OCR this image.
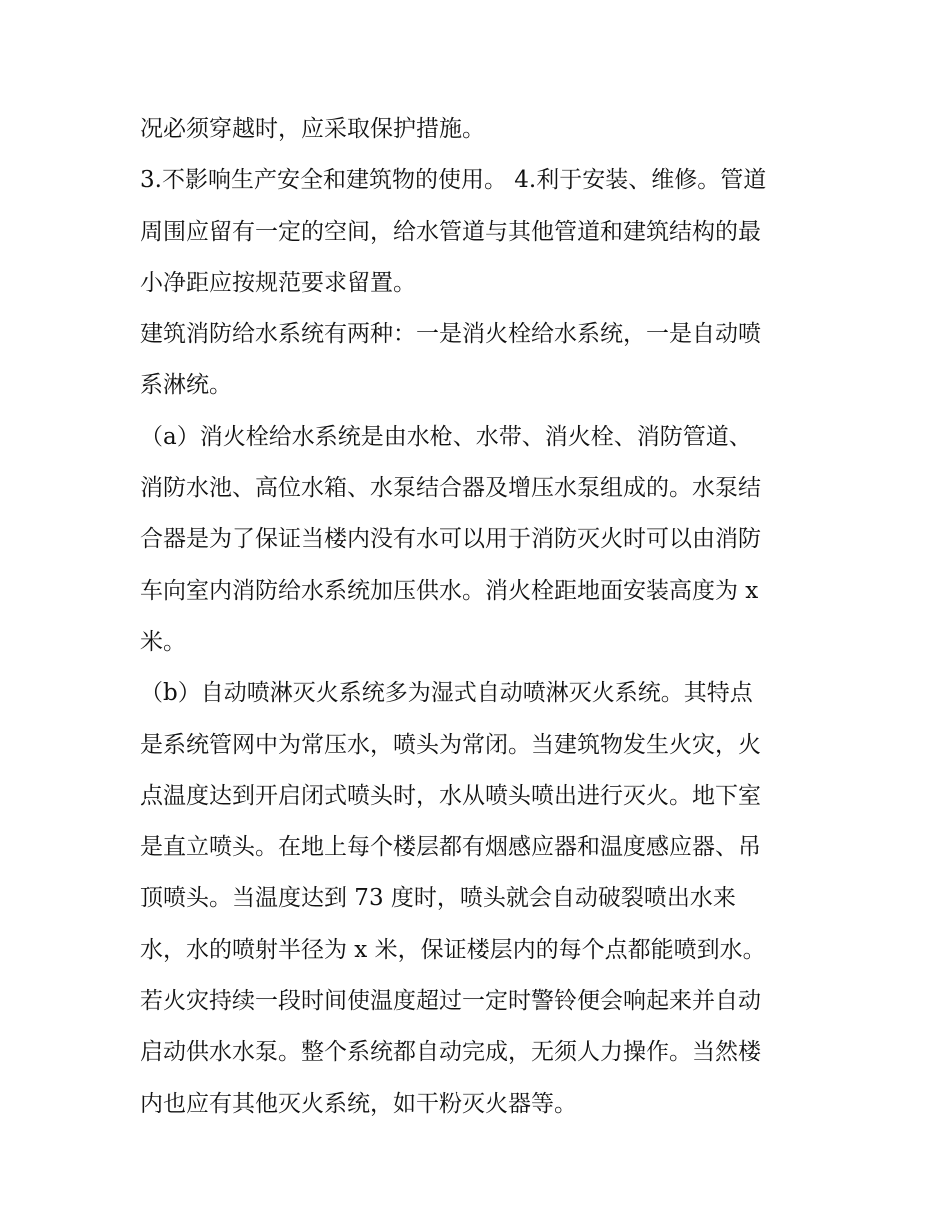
况必须穿越时，应采取保护措施。
3.不影响生产安全和建筑物的使用。 4.利于安装、维修。管道
周围应留有一定的空间，给水管道与其他管道和建筑结构的最
小净距应按规范要求留置。
建筑消防给水系统有两种：一是消火栓给水系统，一是自动喷
系淋统。
（a）消火栓给水系统是由水枪、水带、消火栓、消防管道、
消防水池、高位水箱、水泵结合器及增压水泵组成的。水泵结
合器是为了保证当楼内没有水可以用于消防灭火时可以由消防
车向室内消防给水系统加压供水。消火栓距地面安装高度为 x
米。
（b）自动喷淋灭火系统多为湿式自动喷淋灭火系统。其特点
是系统管网中为常压水，喷头为常闭。当建筑物发生火灾，火
点温度达到开启闭式喷头时，水从喷头喷出进行灭火。地下室
是直立喷头。在地上每个楼层都有烟感应器和温度感应器、吊
顶喷头。当温度达到 73 度时，喷头就会自动破裂喷出水来
水，水的喷射半径为 x 米，保证楼层内的每个点都能喷到水。
若火灾持续一段时间使温度超过一定时警铃便会响起来并自动
启动供水水泵。整个系统都自动完成，无须人力操作。当然楼
内也应有其他灭火系统，如干粉灭火器等。
